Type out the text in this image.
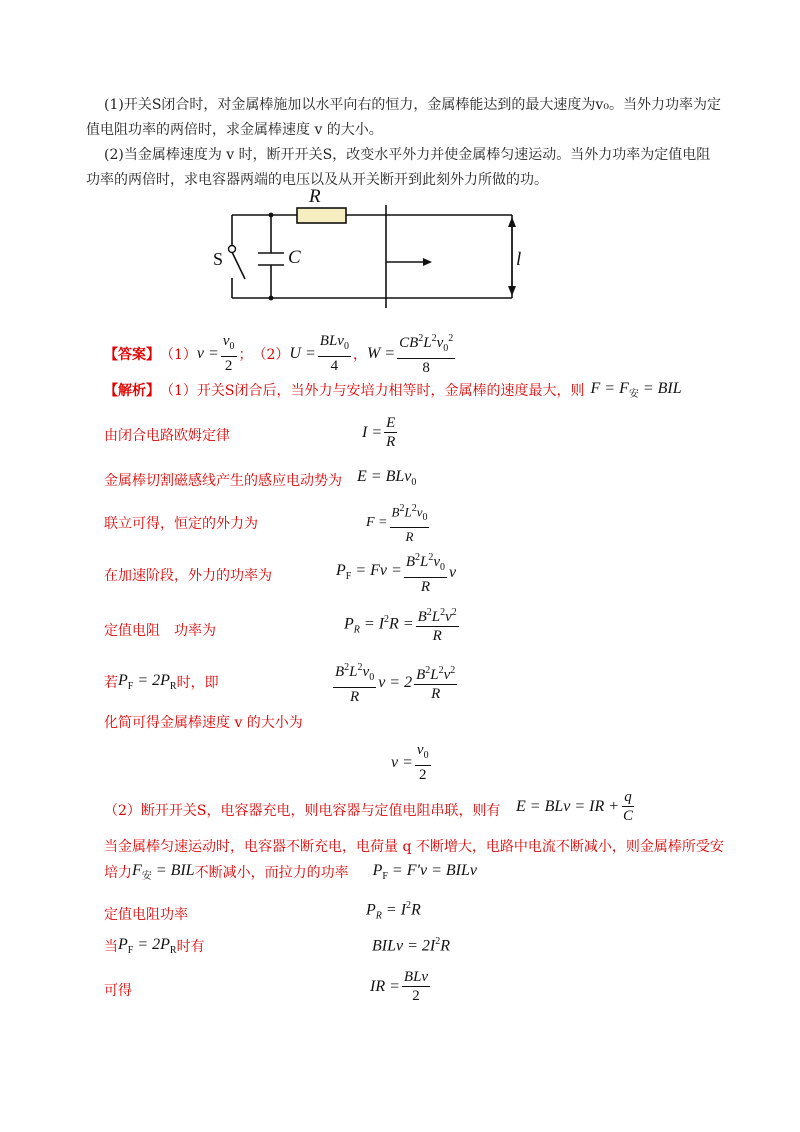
(1)开关S闭合时，对金属棒施加以水平向右的恒力，金属棒能达到的最大速度为v₀。当外力功率为定
值电阻功率的两倍时，求金属棒速度 v 的大小。
(2)当金属棒速度为 v 时，断开开关S，改变水平外力并使金属棒匀速运动。当外力功率为定值电阻
功率的两倍时，求电容器两端的电压以及从开关断开到此刻外力所做的功。
R
C
S	l
【答案】 （1） $v = \frac{v_0}{2}$ ； （2） $U = \frac{BLv_0}{4}$ ， $W = \frac{CB^2L^2v_0^2}{8}$
【解析】 （1）开关S闭合后，当外力与安培力相等时，金属棒的速度最大，则 $F = F_安$ = BIL
由闭合电路欧姆定律	$I = \frac{E}{R}$
金属棒切割磁感线产生的感应电动势为 E = BLv$_0$
联立可得，恒定的外力为	$F = \frac{B^2L^2v_0}{R}$
在加速阶段，外力的功率为	$P_F = Fv = \frac{B^2L^2v_0}{R}$ v
定值电阻　功率为	$P_R = I^2R = \frac{B^2L^2v^2}{R}$
若 $P_F = 2P_R$ 时，即	$\frac{B^2L^2v_0}{R}$ $v = 2 \frac{B^2L^2v^2}{R}$
化简可得金属棒速度 v 的大小为
$v = \frac{v_0}{2}$
（2）断开开关S，电容器充电，则电容器与定值电阻串联，则有 E = BLv = IR + $\frac{q}{C}$
当金属棒匀速运动时，电容器不断充电，电荷量 q 不断增大，电路中电流不断减小，则金属棒所受安
培力 $F_安$ = BIL 不断减小，而拉力的功率 $P_F = F'v$ = BILv
定值电阻功率	$P_R = I^2R$
当 $P_F = 2P_R$ 时有	BILv = $2I^2R$
可得	IR = $\frac{\text{BLv}}{2}$
